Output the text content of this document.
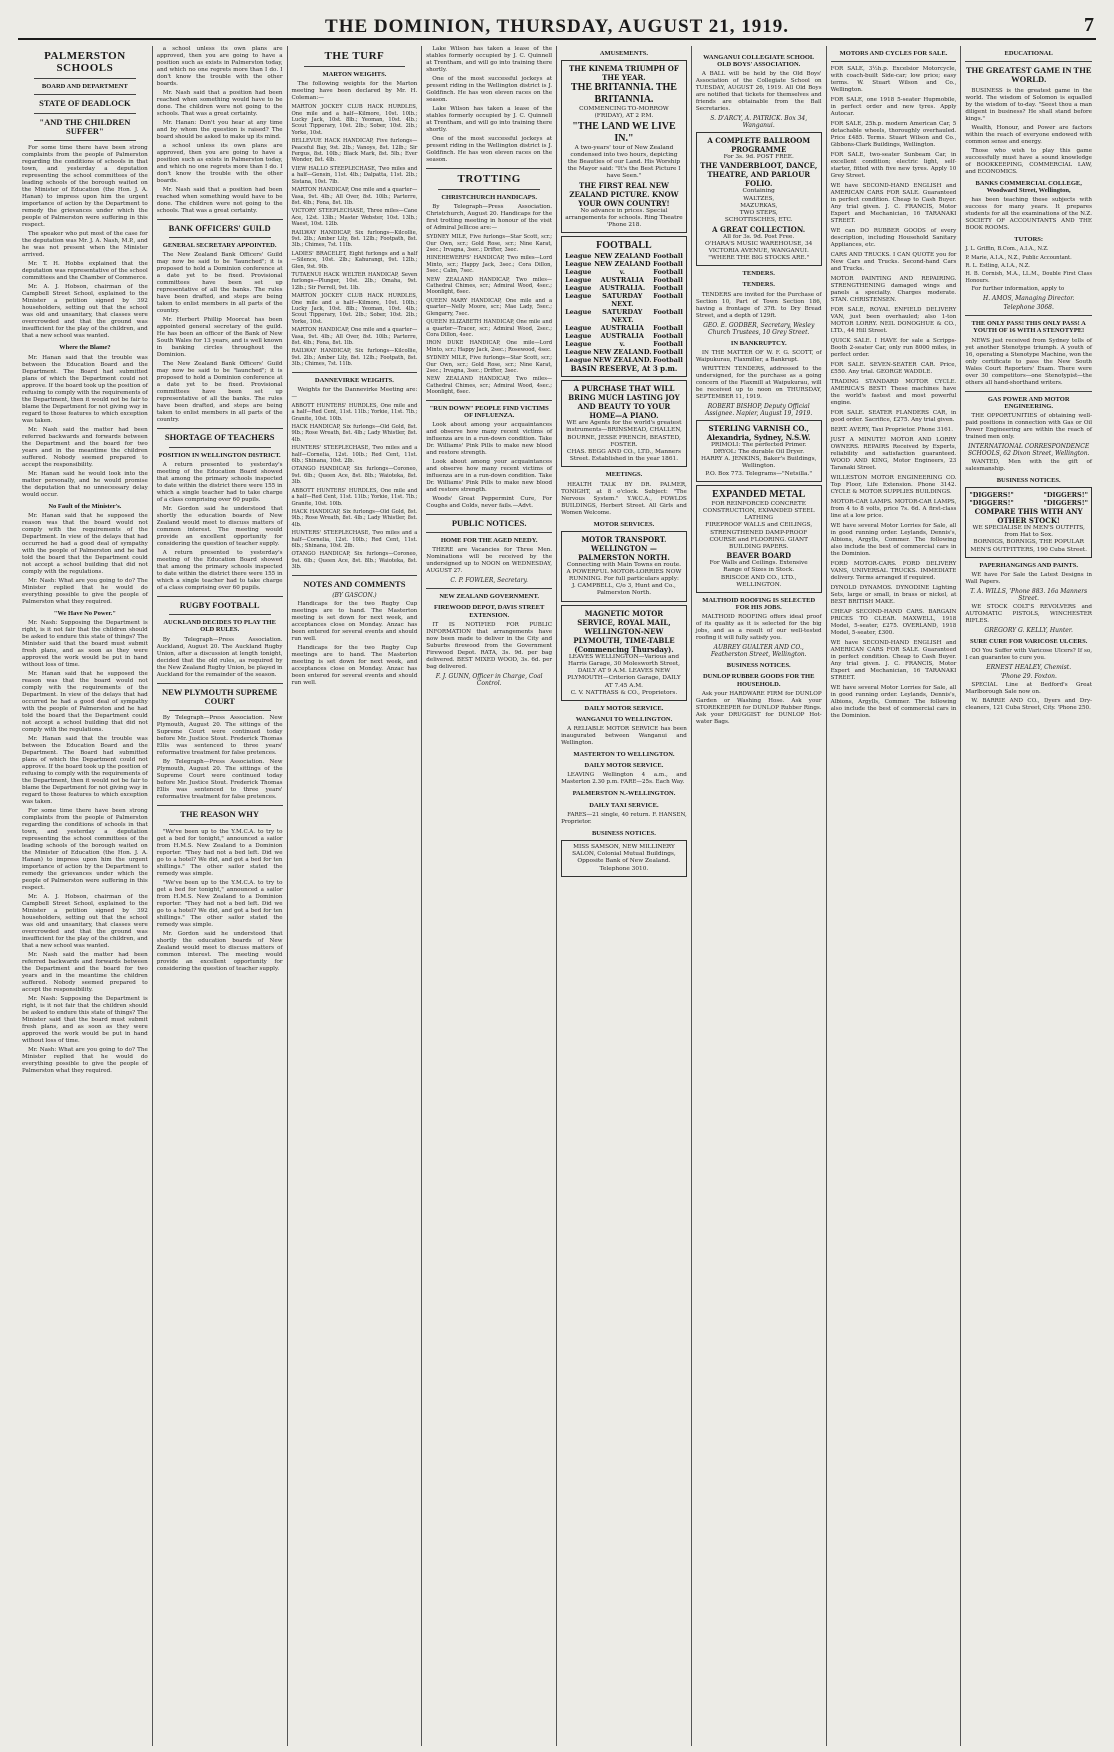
THE DOMINION, THURSDAY, AUGUST 21, 1919.	7
PALMERSTON SCHOOLS
BOARD AND DEPARTMENT
STATE OF DEADLOCK
"AND THE CHILDREN SUFFER"

For some time there have been strong complaints from the people of Palmerston regarding the conditions of schools in that town, and yesterday a deputation representing the school committees of the leading schools of the borough waited on the Minister of Education (the Hon. J. A. Hanan) to impress upon him the urgent importance of action by the Department to remedy the grievances under which the people of Palmerston were suffering in this respect.

The speaker who put most of the case for the deputation was Mr. J. A. Nash, M.P., and he was not present when the Minister arrived.

Mr. T. H. Hobbs explained that the deputation was representative of the school committees and the Chamber of Commerce.

Mr. A. J. Hobson, chairman of the Campbell Street School, explained to the Minister a petition signed by 392 householders, setting out that the school was old and unsanitary, that classes were overcrowded and that the ground was insufficient for the play of the children, and that a new school was wanted.

Where the Blame?

Mr. Hanan said that the trouble was between the Education Board and the Department. The Board had submitted plans of which the Department could not approve. If the board took up the position of refusing to comply with the requirements of the Department, then it would not be fair to blame the Department for not giving way in regard to those features to which exception was taken.

Mr. Nash said the matter had been referred backwards and forwards between the Department and the board for two years and in the meantime the children suffered. Nobody seemed prepared to accept the responsibility.

Mr. Hanan said he would look into the matter personally, and he would promise the deputation that no unnecessary delay would occur.

No Fault of the Minister's.

Mr. Hanan said that he supposed the reason was that the board would not comply with the requirements of the Department. In view of the delays that had occurred he had a good deal of sympathy with the people of Palmerston and he had told the board that the Department could not accept a school building that did not comply with the regulations.

Mr. Nash: What are you going to do? The Minister replied that he would do everything possible to give the people of Palmerston what they required.

"We Have No Power."

Mr. Nash: Supposing the Department is right, is it not fair that the children should be asked to endure this state of things? The Minister said that the board must submit fresh plans, and as soon as they were approved the work would be put in hand without loss of time.

Mr. Hanan said that he supposed the reason was that the board would not comply with the requirements of the Department. In view of the delays that had occurred he had a good deal of sympathy with the people of Palmerston and he had told the board that the Department could not accept a school building that did not comply with the regulations.

Mr. Hanan said that the trouble was between the Education Board and the Department. The Board had submitted plans of which the Department could not approve. If the board took up the position of refusing to comply with the requirements of the Department, then it would not be fair to blame the Department for not giving way in regard to those features to which exception was taken.

For some time there have been strong complaints from the people of Palmerston regarding the conditions of schools in that town, and yesterday a deputation representing the school committees of the leading schools of the borough waited on the Minister of Education (the Hon. J. A. Hanan) to impress upon him the urgent importance of action by the Department to remedy the grievances under which the people of Palmerston were suffering in this respect.

Mr. A. J. Hobson, chairman of the Campbell Street School, explained to the Minister a petition signed by 392 householders, setting out that the school was old and unsanitary, that classes were overcrowded and that the ground was insufficient for the play of the children, and that a new school was wanted.

Mr. Nash said the matter had been referred backwards and forwards between the Department and the board for two years and in the meantime the children suffered. Nobody seemed prepared to accept the responsibility.

Mr. Nash: Supposing the Department is right, is it not fair that the children should be asked to endure this state of things? The Minister said that the board must submit fresh plans, and as soon as they were approved the work would be put in hand without loss of time.

Mr. Nash: What are you going to do? The Minister replied that he would do everything possible to give the people of Palmerston what they required.

a school unless its own plans are approved, then you are going to have a position such as exists in Palmerston today, and which no one regrets more than I do. I don't know the trouble with the other boards.

Mr. Nash said that a position had been reached when something would have to be done. The children were not going to the schools. That was a great certainty.

Mr. Hanan: Don't you hear at any time and by whom the question is raised? The board should be asked to make up its mind.

a school unless its own plans are approved, then you are going to have a position such as exists in Palmerston today, and which no one regrets more than I do. I don't know the trouble with the other boards.

Mr. Nash said that a position had been reached when something would have to be done. The children were not going to the schools. That was a great certainty.

BANK OFFICERS' GUILD
GENERAL SECRETARY APPOINTED.

The New Zealand Bank Officers' Guild may now be said to be "launched"; it is proposed to hold a Dominion conference at a date yet to be fixed. Provisional committees have been set up representative of all the banks. The rules have been drafted, and steps are being taken to enlist members in all parts of the country.

Mr. Herbert Phillip Moorcat has been appointed general secretary of the guild. He has been an officer of the Bank of New South Wales for 13 years, and is well known in banking circles throughout the Dominion.

The New Zealand Bank Officers' Guild may now be said to be "launched"; it is proposed to hold a Dominion conference at a date yet to be fixed. Provisional committees have been set up representative of all the banks. The rules have been drafted, and steps are being taken to enlist members in all parts of the country.

SHORTAGE OF TEACHERS
POSITION IN WELLINGTON DISTRICT.

A return presented to yesterday's meeting of the Education Board showed that among the primary schools inspected to date within the district there were 155 in which a single teacher had to take charge of a class comprising over 60 pupils.

Mr. Gordon said he understood that shortly the education boards of New Zealand would meet to discuss matters of common interest. The meeting would provide an excellent opportunity for considering the question of teacher supply.

A return presented to yesterday's meeting of the Education Board showed that among the primary schools inspected to date within the district there were 155 in which a single teacher had to take charge of a class comprising over 60 pupils.

RUGBY FOOTBALL
AUCKLAND DECIDES TO PLAY THE OLD RULES.

By Telegraph—Press Association. Auckland, August 20. The Auckland Rugby Union, after a discussion at length tonight, decided that the old rules, as required by the New Zealand Rugby Union, be played in Auckland for the remainder of the season.

NEW PLYMOUTH SUPREME COURT

By Telegraph—Press Association. New Plymouth, August 20. The sittings of the Supreme Court were continued today before Mr. Justice Stout. Frederick Thomas Ellis was sentenced to three years' reformative treatment for false pretences.

By Telegraph—Press Association. New Plymouth, August 20. The sittings of the Supreme Court were continued today before Mr. Justice Stout. Frederick Thomas Ellis was sentenced to three years' reformative treatment for false pretences.

THE REASON WHY

"We've been up to the Y.M.C.A. to try to get a bed for tonight," announced a sailor from H.M.S. New Zealand to a Dominion reporter. "They had not a bed left. Did we go to a hotel? We did, and got a bed for ten shillings." The other sailor stated the remedy was simple.

"We've been up to the Y.M.C.A. to try to get a bed for tonight," announced a sailor from H.M.S. New Zealand to a Dominion reporter. "They had not a bed left. Did we go to a hotel? We did, and got a bed for ten shillings." The other sailor stated the remedy was simple.

Mr. Gordon said he understood that shortly the education boards of New Zealand would meet to discuss matters of common interest. The meeting would provide an excellent opportunity for considering the question of teacher supply.

THE TURF
MARTON WEIGHTS.

The following weights for the Marton meeting have been declared by Mr. H. Coleman:—

MARTON JOCKEY CLUB HACK HURDLES, One mile and a half—Kilmore, 10st. 10lb.; Lucky Jack, 10st. 8lb.; Yeoman, 10st. 4lb.; Scout Tipperary, 10st. 2lb.; Sober, 10st. 2lb.; Yorke, 10st.

BELLEVUE HACK HANDICAP, Five furlongs—Peaceful Bay, 9st. 2lb.; Vanoys, 8st. 12lb.; Sir Fergus, 8st. 10lb.; Black Mark, 8st. 5lb.; Ever Wonder, 8st. 4lb.

VIEW HALLO STEEPLECHASE, Two miles and a half—Gensin, 11st. 4lb.; Dalpatta, 11st. 2lb.; Sistana, 10st. 7lb.

MARTON HANDICAP, One mile and a quarter—Vasa, 9st. 4lb.; All Over, 8st. 10lb.; Parterre, 8st. 4lb.; Fona, 8st. 1lb.

VICTORY STEEPLECHASE, Three miles—Cane Ace, 12st. 13lb.; Master Webster, 10st. 13lb.; Waest, 10st. 12lb.

RAILWAY HANDICAP, Six furlongs—Kilcollie, 9st. 2lb.; Amber Lily, 8st. 12lb.; Footpath, 8st. 3lb.; Chimes, 7st. 11lb.

LADIES' BRACELET, Eight furlongs and a half—Silence, 10st. 2lb.; Kahurangi, 9st. 12lb.; Glen, 9st. 9lb.

TUTAENUI HACK WELTER HANDICAP, Seven furlongs—Plunger, 10st. 2lb.; Omaha, 9st. 12lb.; Sir Ferrell, 9st. 1lb.

MARTON JOCKEY CLUB HACK HURDLES, One mile and a half—Kilmore, 10st. 10lb.; Lucky Jack, 10st. 8lb.; Yeoman, 10st. 4lb.; Scout Tipperary, 10st. 2lb.; Sober, 10st. 2lb.; Yorke, 10st.

MARTON HANDICAP, One mile and a quarter—Vasa, 9st. 4lb.; All Over, 8st. 10lb.; Parterre, 8st. 4lb.; Fona, 8st. 1lb.

RAILWAY HANDICAP, Six furlongs—Kilcollie, 9st. 2lb.; Amber Lily, 8st. 12lb.; Footpath, 8st. 3lb.; Chimes, 7st. 11lb.

DANNEVIRKE WEIGHTS.

Weights for the Dannevirke Meeting are:—

ABBOTT HUNTERS' HURDLES, One mile and a half—Red Cent, 11st. 11lb.; Yorkie, 11st. 7lb.; Granite, 10st. 10lb.

HACK HANDICAP, Six furlongs—Old Gold, 8st. 9lb.; Rose Wreath, 8st. 4lb.; Lady Whistler, 8st. 4lb.

HUNTERS' STEEPLECHASE, Two miles and a half—Cornelia, 12st. 10lb.; Red Cent, 11st. 6lb.; Shinana, 10st. 2lb.

OTANGO HANDICAP, Six furlongs—Coroneo, 9st. 6lb.; Queen Ace, 8st. 8lb.; Waioteka, 8st. 3lb.

ABBOTT HUNTERS' HURDLES, One mile and a half—Red Cent, 11st. 11lb.; Yorkie, 11st. 7lb.; Granite, 10st. 10lb.

HACK HANDICAP, Six furlongs—Old Gold, 8st. 9lb.; Rose Wreath, 8st. 4lb.; Lady Whistler, 8st. 4lb.

HUNTERS' STEEPLECHASE, Two miles and a half—Cornelia, 12st. 10lb.; Red Cent, 11st. 6lb.; Shinana, 10st. 2lb.

OTANGO HANDICAP, Six furlongs—Coroneo, 9st. 6lb.; Queen Ace, 8st. 8lb.; Waioteka, 8st. 3lb.

NOTES AND COMMENTS
(BY GASCON.)

Handicaps for the two Rugby Cup meetings are to hand. The Masterton meeting is set down for next week, and acceptances close on Monday. Anzac has been entered for several events and should run well.

Handicaps for the two Rugby Cup meetings are to hand. The Masterton meeting is set down for next week, and acceptances close on Monday. Anzac has been entered for several events and should run well.

Lake Wilson has taken a lease of the stables formerly occupied by J. C. Quinnell at Trentham, and will go into training there shortly.

One of the most successful jockeys at present riding in the Wellington district is J. Goldfinch. He has won eleven races on the season.

Lake Wilson has taken a lease of the stables formerly occupied by J. C. Quinnell at Trentham, and will go into training there shortly.

One of the most successful jockeys at present riding in the Wellington district is J. Goldfinch. He has won eleven races on the season.

TROTTING
CHRISTCHURCH HANDICAPS.

By Telegraph—Press Association. Christchurch, August 20. Handicaps for the first trotting meeting in honour of the visit of Admiral Jellicoe are:—

SYDNEY MILE, Five furlongs—Star Scott, scr.; Our Own, scr.; Gold Rose, scr.; Nine Karat, 2sec.; Irvagna, 3sec.; Drifter, 3sec.

HINEHEWERFS' HANDICAP, Two miles—Lord Minto, scr.; Happy Jack, 3sec.; Cora Dillon, 5sec.; Calm, 7sec.

NEW ZEALAND HANDICAP, Two miles—Cathedral Chimes, scr.; Admiral Wood, 4sec.; Moonlight, 6sec.

QUEEN MARY HANDICAP, One mile and a quarter—Nelly Moore, scr.; Mae Lady, 5sec.; Glengarry, 7sec.

QUEEN ELIZABETH HANDICAP, One mile and a quarter—Tracer, scr.; Admiral Wood, 2sec.; Cora Dillon, 4sec.

IRON DUKE HANDICAP, One mile—Lord Minto, scr.; Happy Jack, 2sec.; Rosewood, 4sec.

SYDNEY MILE, Five furlongs—Star Scott, scr.; Our Own, scr.; Gold Rose, scr.; Nine Karat, 2sec.; Irvagna, 3sec.; Drifter, 3sec.

NEW ZEALAND HANDICAP, Two miles—Cathedral Chimes, scr.; Admiral Wood, 4sec.; Moonlight, 6sec.

"RUN DOWN" PEOPLE FIND VICTIMS OF INFLUENZA.

Look about among your acquaintances and observe how many recent victims of influenza are in a run-down condition. Take Dr. Williams' Pink Pills to make new blood and restore strength.

Look about among your acquaintances and observe how many recent victims of influenza are in a run-down condition. Take Dr. Williams' Pink Pills to make new blood and restore strength.

Woods' Great Peppermint Cure, For Coughs and Colds, never fails.—Advt.

PUBLIC NOTICES.
HOME FOR THE AGED NEEDY.

THERE are Vacancies for Three Men. Nominations will be received by the undersigned up to NOON on WEDNESDAY, AUGUST 27.

C. P. FOWLER, Secretary.
NEW ZEALAND GOVERNMENT.
FIREWOOD DEPOT, DAVIS STREET EXTENSION.

IT IS NOTIFIED FOR PUBLIC INFORMATION that arrangements have now been made to deliver in the City and Suburbs firewood from the Government Firewood Depot. RATA, 3s. 9d. per bag delivered. BEST MIXED WOOD, 3s. 6d. per bag delivered.

F. J. GUNN, Officer in Charge, Coal Control.
AMUSEMENTS.
THE KINEMA TRIUMPH OF THE YEAR.
THE BRITANNIA. THE BRITANNIA.
COMMENCING TO-MORROW (FRIDAY), AT 2 P.M.
"THE LAND WE LIVE IN."
A two-years' tour of New Zealand condensed into two hours, depicting the Beauties of our Land. His Worship the Mayor said: "It's the Best Picture I have Seen."
THE FIRST REAL NEW ZEALAND PICTURE. KNOW YOUR OWN COUNTRY!
No advance in prices. Special arrangements for schools. Ring Theatre 'Phone 218.
FOOTBALL
League NEW ZEALAND Football
League NEW ZEALAND Football
League	v.	Football
League AUSTRALIA Football
League AUSTRALIA. Football
League	SATURDAY NEXT.
Football
League	SATURDAY NEXT.
Football
League AUSTRALIA Football
League AUSTRALIA Football
League	v.	Football
League NEW ZEALAND. Football
League NEW ZEALAND. Football
BASIN RESERVE, At 3 p.m.
A PURCHASE THAT WILL BRING MUCH LASTING JOY AND BEAUTY TO YOUR HOME—A PIANO.
WE are Agents for the world's greatest instruments—BRINSMEAD, CHALLEN, BOURNE, JESSE FRENCH, BEASTED, FOSTER.
CHAS. BEGG AND CO., LTD., Manners Street. Established in the year 1861.
MEETINGS.

HEALTH TALK BY DR. PALMER, TONIGHT, at 8 o'clock. Subject: "The Nervous System." Y.W.C.A., FOWLDS BUILDINGS, Herbert Street. All Girls and Women Welcome.

MOTOR SERVICES.
MOTOR TRANSPORT.
WELLINGTON — PALMERSTON NORTH.
Connecting with Main Towns en route. A POWERFUL MOTOR-LORRIES NOW RUNNING. For full particulars apply:
J. CAMPBELL, C/o 3, Hunt and Co., Palmerston North.
MAGNETIC MOTOR SERVICE, ROYAL MAIL, WELLINGTON-NEW PLYMOUTH, TIME-TABLE (Commencing Thursday).
LEAVES WELLINGTON—Various and Harris Garage, 30 Molesworth Street, DAILY AT 9 A.M. LEAVES NEW PLYMOUTH—Criterion Garage, DAILY AT 7.45 A.M.
C. V. NATTRASS & CO., Proprietors.
DAILY MOTOR SERVICE.
WANGANUI TO WELLINGTON.

A RELIABLE MOTOR SERVICE has been inaugurated between Wanganui and Wellington.

MASTERTON TO WELLINGTON.
DAILY MOTOR SERVICE.

LEAVING Wellington 4 a.m., and Masterton 2.30 p.m. FARE—25s. Each Way.

PALMERSTON N.-WELLINGTON.
DAILY TAXI SERVICE.

FARES—21 single, 40 return. F. HANSEN, Proprietor.

BUSINESS NOTICES.
MISS SAMSON, NEW MILLINERY SALON, Colonial Mutual Buildings, Opposite Bank of New Zealand. Telephone 3010.
WANGANUI COLLEGIATE SCHOOL OLD BOYS' ASSOCIATION.

A BALL will be held by the Old Boys' Association of the Collegiate School on TUESDAY, AUGUST 26, 1919. All Old Boys are notified that tickets for themselves and friends are obtainable from the Ball Secretaries.

S. D'ARCY, A. PATRICK. Box 34, Wanganui.
A COMPLETE BALLROOM PROGRAMME
For 3s. 9d. POST FREE.
THE VANDERBLOOT, DANCE, THEATRE, AND PARLOUR FOLIO.
Containing
WALTZES,
MAZURKAS,
TWO STEPS,
SCHOTTISCHES, ETC.
A GREAT COLLECTION.
All for 3s. 9d. Post Free.
O'HARA'S MUSIC WAREHOUSE, 34 VICTORIA AVENUE, WANGANUI.
"WHERE THE BIG STOCKS ARE."
TENDERS.
TENDERS.

TENDERS are invited for the Purchase of Section 10, Part of Town Section 186, having a frontage of 37ft. to Dry Bread Street, and a depth of 129ft.

GEO. E. GODBER, Secretary, Wesley Church Trustees, 10 Grey Street.
IN BANKRUPTCY.

IN THE MATTER OF W. F. G. SCOTT, of Waipukurau, Flaxmiller, a Bankrupt.

WRITTEN TENDERS, addressed to the undersigned, for the purchase as a going concern of the Flaxmill at Waipukurau, will be received up to noon on THURSDAY, SEPTEMBER 11, 1919.

ROBERT BISHOP, Deputy Official Assignee. Napier, August 19, 1919.
STERLING VARNISH CO., Alexandria, Sydney, N.S.W.
PRIMOLI: The perfected Primer.
DRYOL: The durable Oil Dryer.
HARRY A. JENKINS, Baker's Buildings, Wellington.
P.O. Box 773. Telegrams—"Netsilla."
EXPANDED METAL
FOR REINFORCED CONCRETE CONSTRUCTION, EXPANDED STEEL LATHING
FIREPROOF WALLS and CEILINGS, STRENGTHENED DAMP-PROOF COURSE and FLOORING. GIANT BUILDING PAPERS.
BEAVER BOARD
For Walls and Ceilings. Extensive Range of Sizes in Stock.
BRISCOE AND CO., LTD., WELLINGTON.
MALTHOID ROOFING IS SELECTED FOR HIS JOBS.

MALTHOID ROOFING offers ideal proof of its quality as it is selected for the big jobs, and as a result of our well-tested roofing it will fully satisfy you.

AUBREY GUALTER AND CO., Featherston Street, Wellington.
BUSINESS NOTICES.
DUNLOP RUBBER GOODS FOR THE HOUSEHOLD.

Ask your HARDWARE FIRM for DUNLOP Garden or Washing Hose. Ask your STOREKEEPER for DUNLOP Rubber Rings. Ask your DRUGGIST for DUNLOP Hot-water Bags.

MOTORS AND CYCLES FOR SALE.

FOR SALE, 3½h.p. Excelsior Motorcycle, with coach-built Side-car; low price; easy terms. W. Stuart Wilson and Co., Wellington.

FOR SALE, one 1918 5-seater Hupmobile, in perfect order and new tyres. Apply Autocar.

FOR SALE, 25h.p. modern American Car, 5 detachable wheels, thoroughly overhauled. Price £485. Terms. Stuart Wilson and Co., Gibbons-Clark Buildings, Wellington.

FOR SALE, two-seater Sunbeam Car, in excellent condition; electric light, self-starter, fitted with five new tyres. Apply 10 Grey Street.

WE have SECOND-HAND ENGLISH and AMERICAN CARS FOR SALE. Guaranteed in perfect condition. Cheap to Cash Buyer. Any trial given. J. C. FRANCIS, Motor Expert and Mechanician, 16 TARANAKI STREET.

WE can DO RUBBER GOODS of every description, including Household Sanitary Appliances, etc.

CARS AND TRUCKS. I CAN QUOTE you for New Cars and Trucks. Second-hand Cars and Trucks.

MOTOR PAINTING AND REPAIRING. STRENGTHENING damaged wings and panels a specialty. Charges moderate. STAN. CHRISTENSEN.

FOR SALE, ROYAL ENFIELD DELIVERY VAN, just been overhauled; also 1-ton MOTOR LORRY. NEIL DONOGHUE & CO., LTD., 44 Hill Street.

QUICK SALE. I HAVE for sale a Scripps-Booth 2-seater Car, only run 8000 miles, in perfect order.

FOR SALE. SEVEN-SEATER CAR. Price, £550. Any trial. GEORGE WADDLE.

TRADING STANDARD MOTOR CYCLE. AMERICA'S BEST! These machines have the world's fastest and most powerful engine.

FOR SALE. SEATER FLANDERS CAR, in good order. Sacrifice, £275. Any trial given.

BERT. AVERY, Taxi Proprietor. Phone 3161.

JUST A MINUTE! MOTOR AND LORRY OWNERS. REPAIRS Received by Experts, reliability and satisfaction guaranteed. WOOD AND KING, Motor Engineers, 23 Taranaki Street.

WILLESTON MOTOR ENGINEERING CO. Top Floor, Life Extension. Phone 3142. CYCLE & MOTOR SUPPLIES BUILDINGS.

MOTOR-CAR LAMPS. MOTOR-CAR LAMPS, from 4 to 8 volts, price 7s. 6d. A first-class line at a low price.

WE have several Motor Lorries for Sale, all in good running order. Leylands, Dennis's, Albions, Argylls, Commer. The following also include the best of commercial cars in the Dominion.

FORD MOTOR-CARS. FORD DELIVERY VANS, UNIVERSAL TRUCKS. IMMEDIATE delivery. Terms arranged if required.

DYNOLD DYNAMOS. DYNODINE Lighting Sets, large or small, in brass or nickel, at BEST BRITISH MAKE.

CHEAP SECOND-HAND CARS. BARGAIN PRICES TO CLEAR. MAXWELL, 1918 Model, 5-seater, £275. OVERLAND, 1918 Model, 5-seater, £300.

WE have SECOND-HAND ENGLISH and AMERICAN CARS FOR SALE. Guaranteed in perfect condition. Cheap to Cash Buyer. Any trial given. J. C. FRANCIS, Motor Expert and Mechanician, 16 TARANAKI STREET.

WE have several Motor Lorries for Sale, all in good running order. Leylands, Dennis's, Albions, Argylls, Commer. The following also include the best of commercial cars in the Dominion.

EDUCATIONAL
THE GREATEST GAME IN THE WORLD.

BUSINESS is the greatest game in the world. The wisdom of Solomon is equalled by the wisdom of to-day. "Seest thou a man diligent in business? He shall stand before kings."

Wealth, Honour, and Power are factors within the reach of everyone endowed with common sense and energy.

Those who wish to play this game successfully must have a sound knowledge of BOOKKEEPING, COMMERCIAL LAW, and ECONOMICS.

BANKS COMMERCIAL COLLEGE, Woodward Street, Wellington,

has been teaching these subjects with success for many years. It prepares students for all the examinations of the N.Z. SOCIETY OF ACCOUNTANTS AND THE BOOK ROOMS.

TUTORS:

J. L. Griffin, B.Com., A.I.A., N.Z.

P. Marie, A.I.A., N.Z., Public Accountant.

R. L. Estling, A.I.A., N.Z.

H. B. Cornish, M.A., LL.M., Double First Class Honours.

For further information, apply to

H. AMOS, Managing Director.
Telephone 3068.
THE ONLY PASS! THIS ONLY PASS! A YOUTH OF 16 WITH A STENOTYPE!

NEWS just received from Sydney tells of yet another Stenotype triumph. A youth of 16, operating a Stenotype Machine, won the only certificate to pass the New South Wales Court Reporters' Exam. There were over 30 competitors—one Stenotypist—the others all hand-shorthand writers.

GAS POWER AND MOTOR ENGINEERING.

THE OPPORTUNITIES of obtaining well-paid positions in connection with Gas or Oil Power Engineering are within the reach of trained men only.

INTERNATIONAL CORRESPONDENCE SCHOOLS, 62 Dixon Street, Wellington.

WANTED, Men with the gift of salesmanship.

BUSINESS NOTICES.
"DIGGERS!"	"DIGGERS!"
"DIGGERS!"	"DIGGERS!"
COMPARE THIS WITH ANY OTHER STOCK!
WE SPECIALISE IN MEN'S OUTFITS, from Hat to Sox.
BORNIGS, BORNIGS, THE POPULAR MEN'S OUTFITTERS, 190 Cuba Street.
PAPERHANGINGS AND PAINTS.

WE have For Sale the Latest Designs in Wall Papers.

T. A. WILLS, 'Phone 883. 16a Manners Street.

WE STOCK COLT'S REVOLVERS and AUTOMATIC PISTOLS, WINCHESTER RIFLES.

GREGORY G. KELLY, Hunter.
SURE CURE FOR VARICOSE ULCERS.

DO You Suffer with Varicose Ulcers? If so, I can guarantee to cure you.

ERNEST HEALEY, Chemist.
'Phone 29. Foxton.

SPECIAL Line at Bedford's Great Marlborough Sale now on.

W. BARRIE AND CO., Dyers and Dry-cleaners, 121 Cuba Street, City. 'Phone 250.
